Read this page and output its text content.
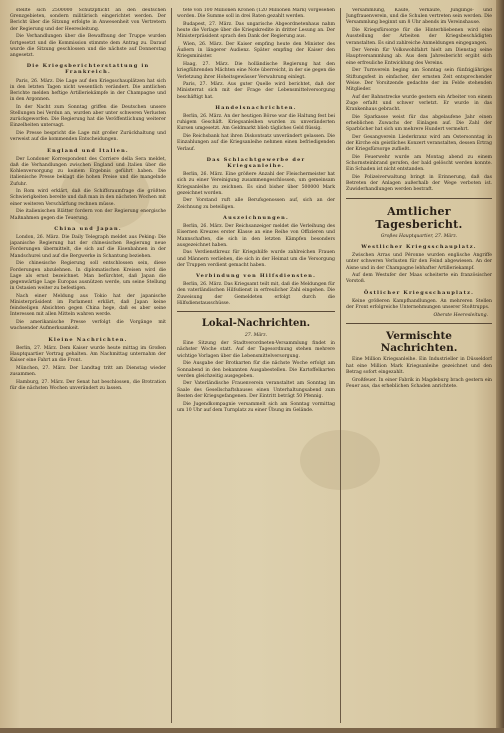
stellte sich 2500000 Schutzpflicht an den deutschen Grenzgebieten, sondern militärisch eingerichtet werden. Der Bericht über die Sitzung erfolgte in Anwesenheit von Vertretern der Regierung und der Heeresleitung.

Die Verhandlungen über die Bewaffnung der Truppe wurden fortgesetzt und die Kommission stimmte dem Antrag zu. Darauf wurde die Sitzung geschlossen und die nächste auf Donnerstag angesetzt.

Die Kriegsberichterstattung in Frankreich.

Paris, 26. März. Die Lage auf den Kriegsschauplätzen hat sich in den letzten Tagen nicht wesentlich verändert. Die amtlichen Berichte melden heftige Artilleriekämpfe in der Champagne und in den Argonnen.

In der Nacht zum Sonntag griffen die Deutschen unsere Stellungen bei Verdun an, wurden aber unter schweren Verlusten zurückgeworfen. Die Regierung hat die Veröffentlichung weiterer Einzelheiten untersagt.

Die Presse bespricht die Lage mit großer Zurückhaltung und verweist auf die kommenden Entscheidungen.

England und Italien.

Der Londoner Korrespondent des Corriere della Sera meldet, daß die Verhandlungen zwischen England und Italien über die Kohlenversorgung zu keinem Ergebnis geführt haben. Die italienische Presse beklagt die hohen Preise und die mangelnde Zufuhr.

In Rom wird erklärt, daß die Schiffsraumfrage die größten Schwierigkeiten bereite und daß man in den nächsten Wochen mit einer weiteren Verschärfung rechnen müsse.

Die italienischen Blätter fordern von der Regierung energische Maßnahmen gegen die Teuerung.

China und Japan.

London, 26. März. Die Daily Telegraph meldet aus Peking: Die japanische Regierung hat der chinesischen Regierung neue Forderungen übermittelt, die sich auf die Eisenbahnen in der Mandschurei und auf die Bergwerke in Schantung beziehen.

Die chinesische Regierung soll entschlossen sein, diese Forderungen abzulehnen. In diplomatischen Kreisen wird die Lage als ernst bezeichnet. Man befürchtet, daß Japan die gegenwärtige Lage Europas ausnützen werde, um seine Stellung in Ostasien weiter zu befestigen.

Nach einer Meldung aus Tokio hat der japanische Ministerpräsident im Parlament erklärt, daß Japan keine feindseligen Absichten gegen China hege, daß es aber seine Interessen mit allen Mitteln wahren werde.

Die amerikanische Presse verfolgt die Vorgänge mit wachsender Aufmerksamkeit.

Kleine Nachrichten.

Berlin, 27. März. Dem Kaiser wurde heute mittag im Großen Hauptquartier Vortrag gehalten. Am Nachmittag unternahm der Kaiser eine Fahrt an die Front.

München, 27. März. Der Landtag tritt am Dienstag wieder zusammen.

Hamburg, 27. März. Der Senat hat beschlossen, die Brotration für die nächsten Wochen unverändert zu lassen.

tete von 100 Millionen Kronen (120 Millionen Mark) vorgesehen worden. Die Summe soll in drei Raten gezahlt werden.

Budapest, 27. März. Das ungarische Abgeordnetenhaus nahm heute die Vorlage über die Kriegskredite in dritter Lesung an. Der Ministerpräsident sprach den Dank der Regierung aus.

Wien, 26. März. Der Kaiser empfing heute den Minister des Äußern in längerer Audienz. Später empfing der Kaiser den Kriegsminister.

Haag, 27. März. Die holländische Regierung hat den kriegführenden Mächten eine Note überreicht, in der sie gegen die Verletzung ihrer Hoheitsgewässer Verwahrung einlegt.

Paris, 27. März. Aus guter Quelle wird berichtet, daß der Ministerrat sich mit der Frage der Lebensmittelversorgung beschäftigt hat.

Handelsnachrichten.

Berlin, 26. März. An der heutigen Börse war die Haltung fest bei ruhigem Geschäft. Kriegsanleihen wurden zu unveränderten Kursen umgesetzt. Am Geldmarkt blieb tägliches Geld flüssig.

Die Reichsbank hat ihren Diskontsatz unverändert gelassen. Die Einzahlungen auf die Kriegsanleihe nehmen einen befriedigenden Verlauf.

Das Schlachtgewerbe der Kriegsanleihe.

Berlin, 26. März. Eine größere Anzahl der Fleischermeister hat sich zu einer Vereinigung zusammengeschlossen, um gemeinsam Kriegsanleihe zu zeichnen. Es sind bisher über 500000 Mark gezeichnet worden.

Der Vorstand ruft alle Berufsgenossen auf, sich an der Zeichnung zu beteiligen.

Auszeichnungen.

Berlin, 26. März. Der Reichsanzeiger meldet die Verleihung des Eisernen Kreuzes erster Klasse an eine Reihe von Offizieren und Mannschaften, die sich in den letzten Kämpfen besonders ausgezeichnet haben.

Das Verdienstkreuz für Kriegshilfe wurde zahlreichen Frauen und Männern verliehen, die sich in der Heimat um die Versorgung der Truppen verdient gemacht haben.

Verbindung von Hilfsdiensten.

Berlin, 26. März. Das Kriegsamt teilt mit, daß die Meldungen für den vaterländischen Hilfsdienst in erfreulicher Zahl eingehen. Die Zuweisung der Gemeldeten erfolgt durch die Hilfsdienstausschüsse.

Lokal-Nachrichten.
27. März.

Eine Sitzung der Stadtverordneten-Versammlung findet in nächster Woche statt. Auf der Tagesordnung stehen mehrere wichtige Vorlagen über die Lebensmittelversorgung.

Die Ausgabe der Brotkarten für die nächste Woche erfolgt am Sonnabend in den bekannten Ausgabestellen. Die Kartoffelkarten werden gleichzeitig ausgegeben.

Der Vaterländische Frauenverein veranstaltet am Sonntag im Saale des Gesellschaftshauses einen Unterhaltungsabend zum Besten der Kriegsgefangenen. Der Eintritt beträgt 50 Pfennig.

Die Jugendkompagnie versammelt sich am Sonntag vormittag um 10 Uhr auf dem Turnplatz zu einer Übung im Gelände.

Versammlung, Kaufe, Verkaufe, Jünglings- und Jungfrauenverein, und die Schulen vertreten sein werden. Die Versammlung beginnt um 8 Uhr abends im Vereinshause.

Die Kriegsfürsorge für die Hinterbliebenen wird eine Ausstellung der Arbeiten der Kriegsbeschädigten veranstalten. Es sind zahlreiche Anmeldungen eingegangen.

Der Verein für Volkswohlfahrt hielt am Dienstag seine Hauptversammlung ab. Aus dem Jahresbericht ergibt sich eine erfreuliche Entwicklung des Vereins.

Der Turnverein beging am Sonntag sein fünfzigjähriges Stiftungsfest in einfacher, der ernsten Zeit entsprechender Weise. Der Vorsitzende gedachte der im Felde stehenden Mitglieder.

Auf der Bahnstrecke wurde gestern ein Arbeiter von einem Zuge erfaßt und schwer verletzt. Er wurde in das Krankenhaus gebracht.

Die Sparkasse weist für das abgelaufene Jahr einen erheblichen Zuwachs der Einlagen auf. Die Zahl der Sparbücher hat sich um mehrere Hundert vermehrt.

Der Gesangverein Liederkranz wird am Ostersonntag in der Kirche ein geistliches Konzert veranstalten, dessen Ertrag der Kriegsfürsorge zufließt.

Die Feuerwehr wurde am Montag abend zu einem Schornsteinbrand gerufen, der bald gelöscht werden konnte. Ein Schaden ist nicht entstanden.

Die Polizeiverwaltung bringt in Erinnerung, daß das Betreten der Anlagen außerhalb der Wege verboten ist. Zuwiderhandlungen werden bestraft.

Amtlicher Tagesbericht.
Großes Hauptquartier, 27. März.
Westlicher Kriegsschauplatz.

Zwischen Arras und Péronne wurden englische Angriffe unter schweren Verlusten für den Feind abgewiesen. An der Aisne und in der Champagne lebhafter Artilleriekampf.

Auf dem Westufer der Maas scheiterte ein französischer Vorstoß.

Östlicher Kriegsschauplatz.

Keine größeren Kampfhandlungen. An mehreren Stellen der Front erfolgreiche Unternehmungen unserer Stoßtrupps.

Oberste Heeresleitung.
Vermischte Nachrichten.

Eine Million Kriegsanleihe. Ein Industrieller in Düsseldorf hat eine Million Mark Kriegsanleihe gezeichnet und den Betrag sofort eingezahlt.

Großfeuer. In einer Fabrik in Magdeburg brach gestern ein Feuer aus, das erheblichen Schaden anrichtete.
